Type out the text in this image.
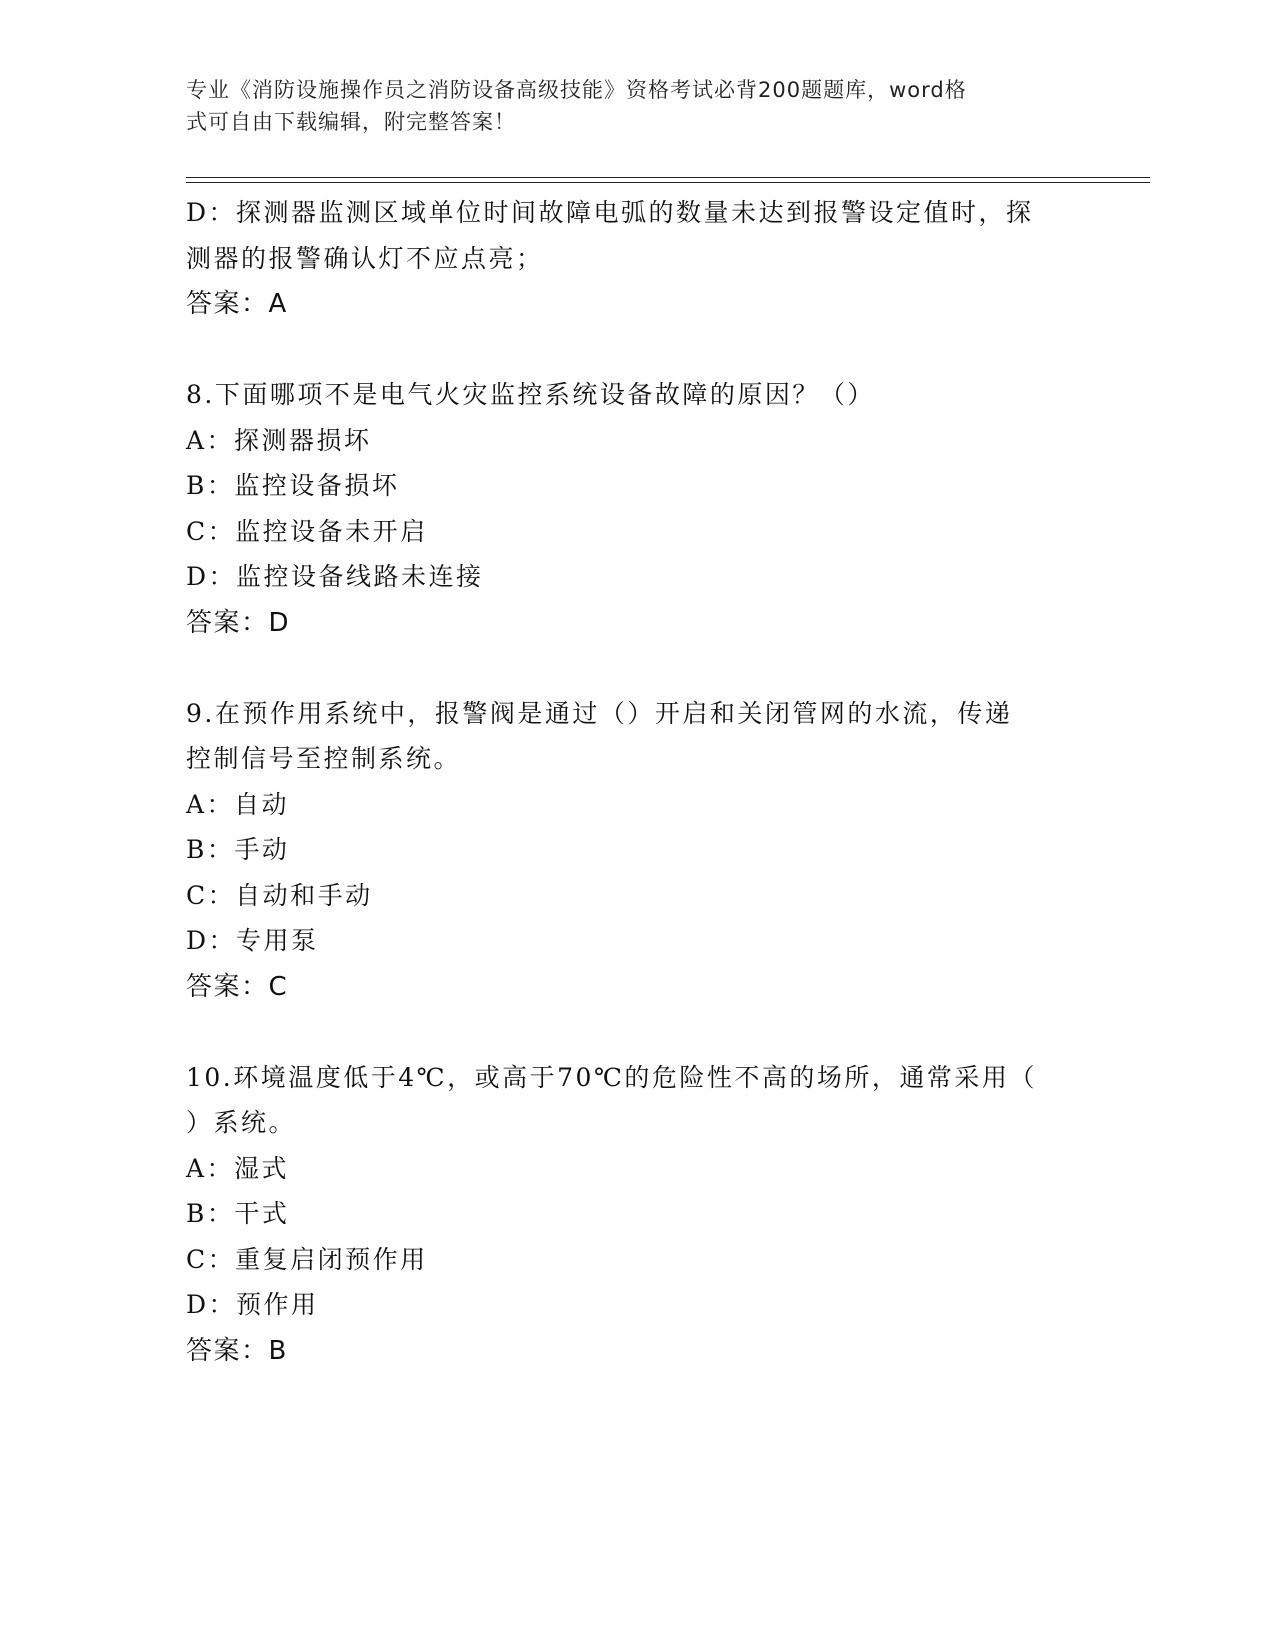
专业《消防设施操作员之消防设备高级技能》资格考试必背200题题库，word格
式可自由下载编辑，附完整答案！
D：探测器监测区域单位时间故障电弧的数量未达到报警设定值时，探
测器的报警确认灯不应点亮；
答案：A
8.下面哪项不是电气火灾监控系统设备故障的原因？（）
A：探测器损坏
B：监控设备损坏
C：监控设备未开启
D：监控设备线路未连接
答案：D
9.在预作用系统中，报警阀是通过（）开启和关闭管网的水流，传递
控制信号至控制系统。
A：自动
B：手动
C：自动和手动
D：专用泵
答案：C
10.环境温度低于4℃，或高于70℃的危险性不高的场所，通常采用（
）系统。
A：湿式
B：干式
C：重复启闭预作用
D：预作用
答案：B
